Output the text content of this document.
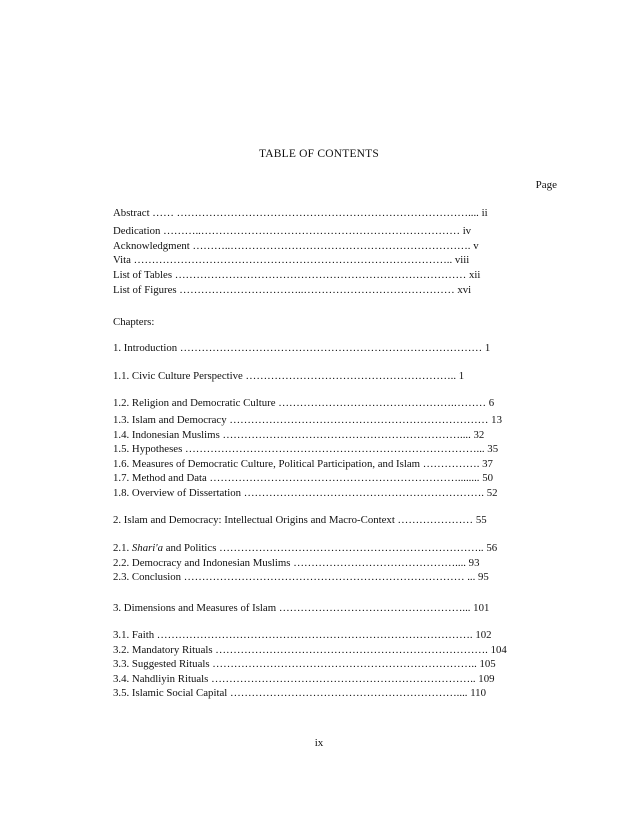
TABLE OF CONTENTS
Page
Abstract …… ……………………………………………………………………….... ii
Dedication ………..……………………………………………………………… iv
Acknowledgment ………..…………………………………………………………. v
Vita …………………………………………………………………………….. viii
List of Tables ……………………………………………………………………… xii
List of Figures ……………………………..…………………………………… xvi
Chapters:
1. Introduction ………………………………………………………………………… 1
1.1. Civic Culture Perspective ………………………………………………….. 1
1.2. Religion and Democratic Culture ………………………………………….……… 6
1.3. Islam and Democracy ……………………………………………………………… 13
1.4. Indonesian Muslims ………………………………………………………….... 32
1.5. Hypotheses ………………………………………………………………………... 35
1.6. Measures of Democratic Culture, Political Participation, and Islam ……………. 37
1.7. Method and Data ……………………………………………………………........ 50
1.8. Overview of Dissertation …………………………………………………………. 52
2. Islam and Democracy: Intellectual Origins and Macro-Context ………………… 55
2.1. Shari'a and Politics ……………………………………………………………….. 56
2.2. Democracy and Indonesian Muslims ……………………………………….... 93
2.3. Conclusion …………………………………………………………………… ... 95
3. Dimensions and Measures of Islam ……………………………………………... 101
3.1. Faith ……………………………………………………………………………. 102
3.2. Mandatory Rituals …………………………………………………………………. 104
3.3. Suggested Rituals ……………………………………………………………….. 105
3.4. Nahdliyin Rituals ……………………………………………………………….. 109
3.5. Islamic Social Capital ……………………………………………………….... 110
ix
